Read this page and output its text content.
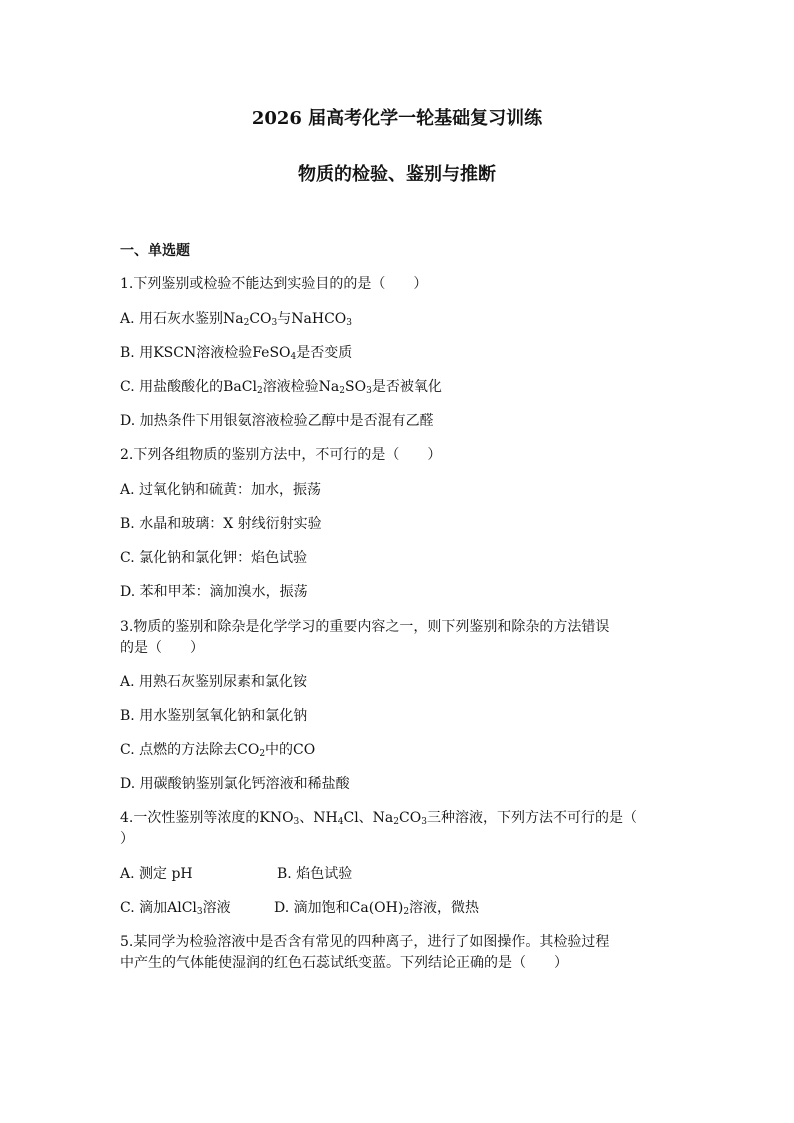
2026 届高考化学一轮基础复习训练
物质的检验、鉴别与推断
一、单选题
1.下列鉴别或检验不能达到实验目的的是（　　）
A. 用石灰水鉴别$Na_2CO_3$与NaHCO$_3$
B. 用KSCN溶液检验FeSO$_4$是否变质
C. 用盐酸酸化的BaCl$_2$溶液检验$Na_2SO_3$是否被氧化
D. 加热条件下用银氨溶液检验乙醇中是否混有乙醛
2.下列各组物质的鉴别方法中，不可行的是（　　）
A. 过氧化钠和硫黄：加水，振荡
B. 水晶和玻璃：X 射线衍射实验
C. 氯化钠和氯化钾：焰色试验
D. 苯和甲苯：滴加溴水，振荡
3.物质的鉴别和除杂是化学学习的重要内容之一，则下列鉴别和除杂的方法错误
的是（　　）
A. 用熟石灰鉴别尿素和氯化铵
B. 用水鉴别氢氧化钠和氯化钠
C. 点燃的方法除去$CO_2$中的CO
D. 用碳酸钠鉴别氯化钙溶液和稀盐酸
4.一次性鉴别等浓度的$KNO_3$、$NH_4Cl$、$Na_2CO_3$三种溶液，下列方法不可行的是（
）
A. 测定 pH	B. 焰色试验
C. 滴加AlCl$_3$溶液	D. 滴加饱和$Ca(OH)_2$溶液，微热
5.某同学为检验溶液中是否含有常见的四种离子，进行了如图操作。其检验过程
中产生的气体能使湿润的红色石蕊试纸变蓝。下列结论正确的是（　　）
